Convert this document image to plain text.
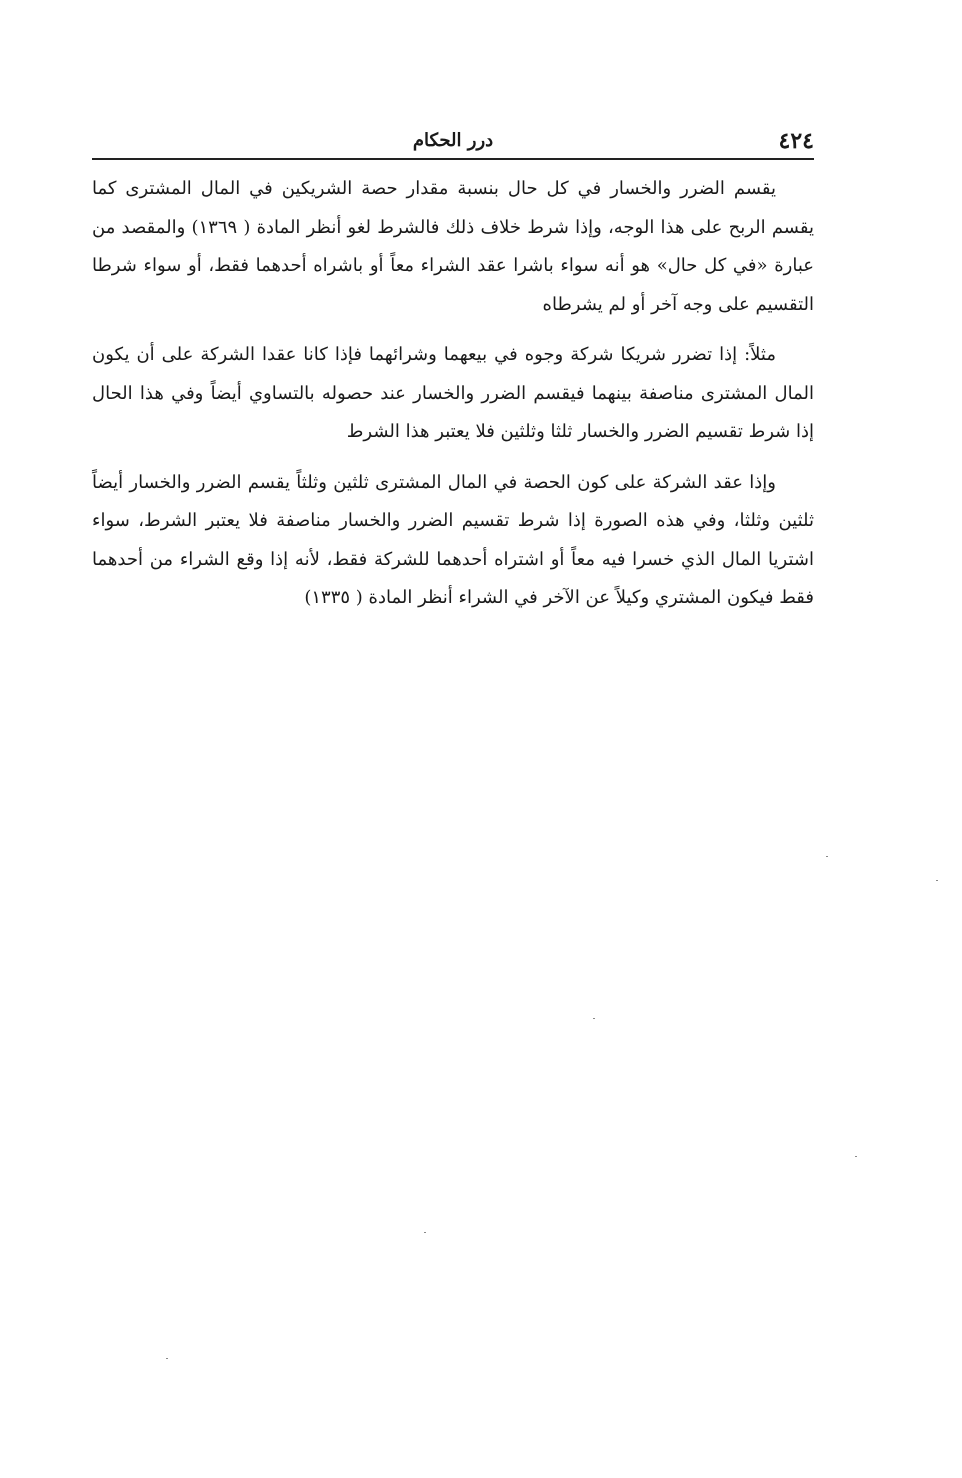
٤٢٤
درر الحكام

يقسم الضرر والخسار في كل حال بنسبة مقدار حصة الشريكين في المال المشترى كما يقسم الربح على هذا الوجه، وإذا شرط خلاف ذلك فالشرط لغو أنظر المادة ( ١٣٦٩) والمقصد من عبارة «في كل حال» هو أنه سواء باشرا عقد الشراء معاً أو باشراه أحدهما فقط، أو سواء شرطا التقسيم على وجه آخر أو لم يشرطاه

مثلاً: إذا تضرر شريكا شركة وجوه في بيعهما وشرائهما فإذا كانا عقدا الشركة على أن يكون المال المشترى مناصفة بينهما فيقسم الضرر والخسار عند حصوله بالتساوي أيضاً وفي هذا الحال إذا شرط تقسيم الضرر والخسار ثلثا وثلثين فلا يعتبر هذا الشرط

وإذا عقد الشركة على كون الحصة في المال المشترى ثلثين وثلثاً يقسم الضرر والخسار أيضاً ثلثين وثلثا، وفي هذه الصورة إذا شرط تقسيم الضرر والخسار مناصفة فلا يعتبر الشرط، سواء اشتريا المال الذي خسرا فيه معاً أو اشتراه أحدهما للشركة فقط، لأنه إذا وقع الشراء من أحدهما فقط فيكون المشتري وكيلاً عن الآخر في الشراء أنظر المادة ( ١٣٣٥)
